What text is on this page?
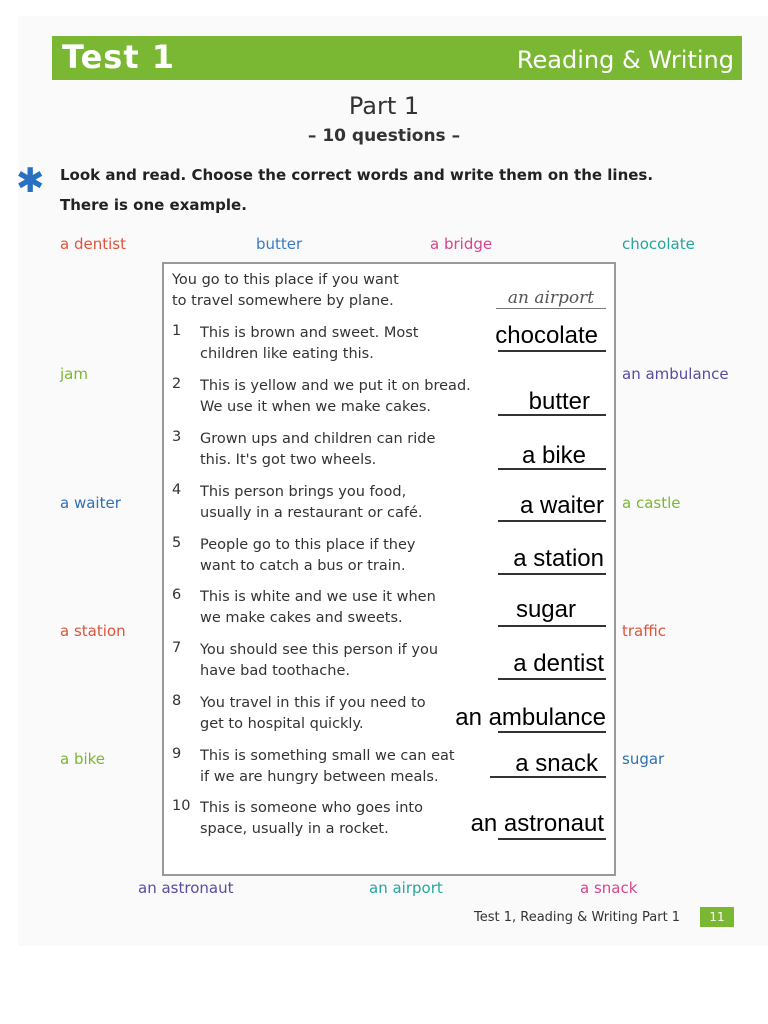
Test 1	Reading & Writing
Part 1
– 10 questions –
✱ Look and read. Choose the correct words and write them on the lines.
There is one example.
a dentist	butter	a bridge	chocolate
jam	an ambulance
a waiter	a castle
a station	traffic
a bike	sugar
an astronaut	an airport	a snack
You go to this place if you want
to travel somewhere by plane.	an airport
1 This is brown and sweet. Most
children like eating this.
chocolate
2 This is yellow and we put it on bread.
We use it when we make cakes.	butter
3 Grown ups and children can ride
this. It's got two wheels.	a bike
4 This person brings you food,
usually in a restaurant or café.	a waiter
5 People go to this place if they
want to catch a bus or train.	a station
6 This is white and we use it when
we make cakes and sweets.	sugar
7 You should see this person if you
have bad toothache.	a dentist
8 You travel in this if you need to
get to hospital quickly.	an ambulance
9 This is something small we can eat
if we are hungry between meals.	a snack
10 This is someone who goes into
space, usually in a rocket.	an astronaut
Test 1, Reading & Writing Part 1	11
